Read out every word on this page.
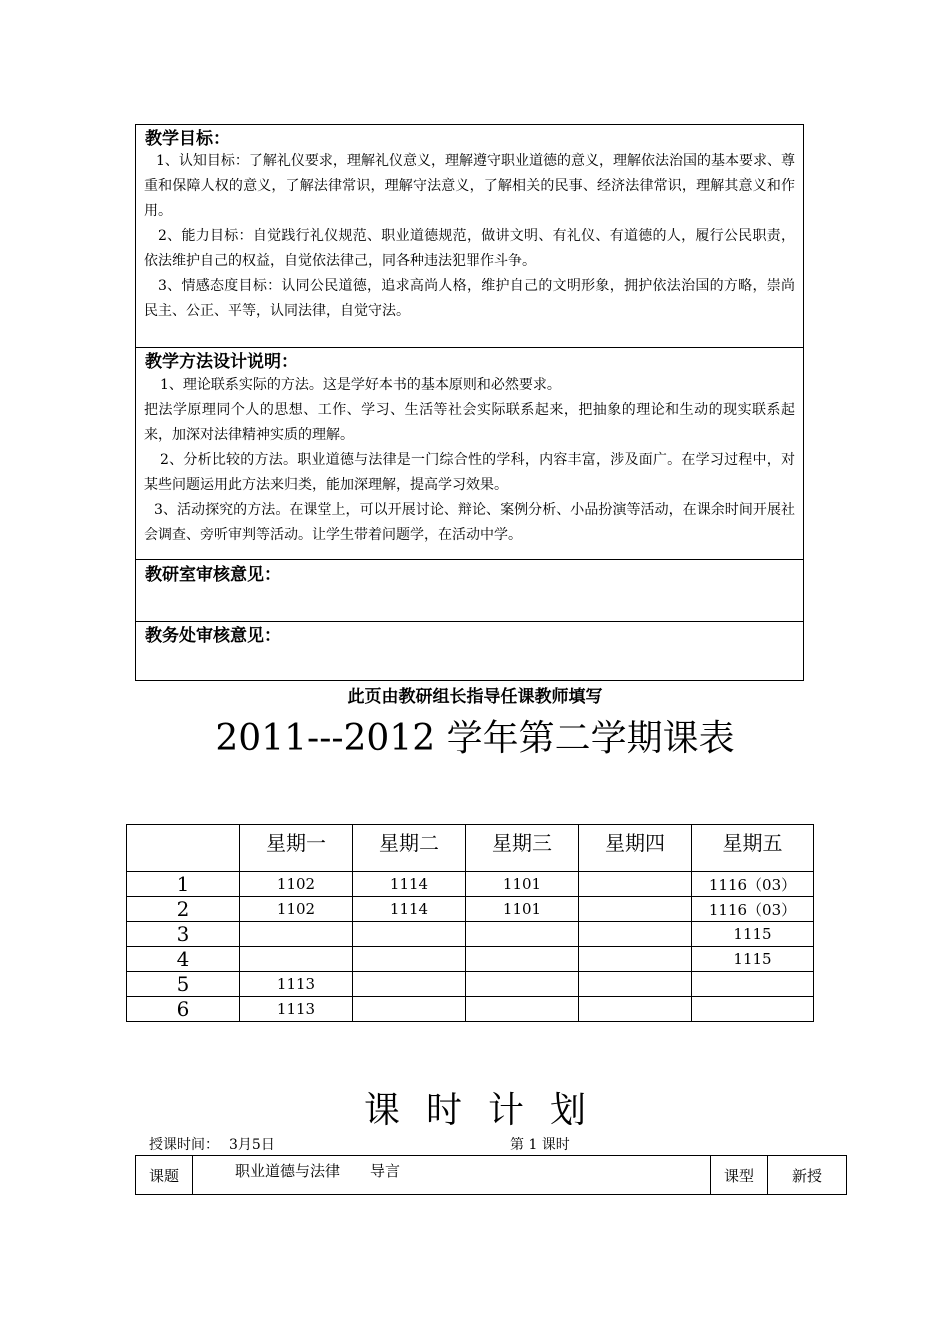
教学目标：
1、认知目标：了解礼仪要求，理解礼仪意义，理解遵守职业道德的意义，理解依法治国的基本要求、尊重和保障人权的意义，了解法律常识，理解守法意义，了解相关的民事、经济法律常识，理解其意义和作用。
2、能力目标：自觉践行礼仪规范、职业道德规范，做讲文明、有礼仪、有道德的人，履行公民职责，依法维护自己的权益，自觉依法律己，同各种违法犯罪作斗争。
3、情感态度目标：认同公民道德，追求高尚人格，维护自己的文明形象，拥护依法治国的方略，崇尚民主、公正、平等，认同法律，自觉守法。
教学方法设计说明：
1、理论联系实际的方法。这是学好本书的基本原则和必然要求。
把法学原理同个人的思想、工作、学习、生活等社会实际联系起来，把抽象的理论和生动的现实联系起来，加深对法律精神实质的理解。
2、分析比较的方法。职业道德与法律是一门综合性的学科，内容丰富，涉及面广。在学习过程中，对某些问题运用此方法来归类，能加深理解，提高学习效果。
3、活动探究的方法。在课堂上，可以开展讨论、辩论、案例分析、小品扮演等活动，在课余时间开展社会调查、旁听审判等活动。让学生带着问题学，在活动中学。
教研室审核意见：
教务处审核意见：
此页由教研组长指导任课教师填写
2011---2012 学年第二学期课表
	星期一	星期二	星期三	星期四	星期五
1	1102	1114	1101		1116（03）
2	1102	1114	1101		1116（03）
3					1115
4					1115
5	1113				
6	1113				
课时计划
授课时间： 3月5日	第 1 课时
课题	职业道德与法律　　导言	课型	新授
